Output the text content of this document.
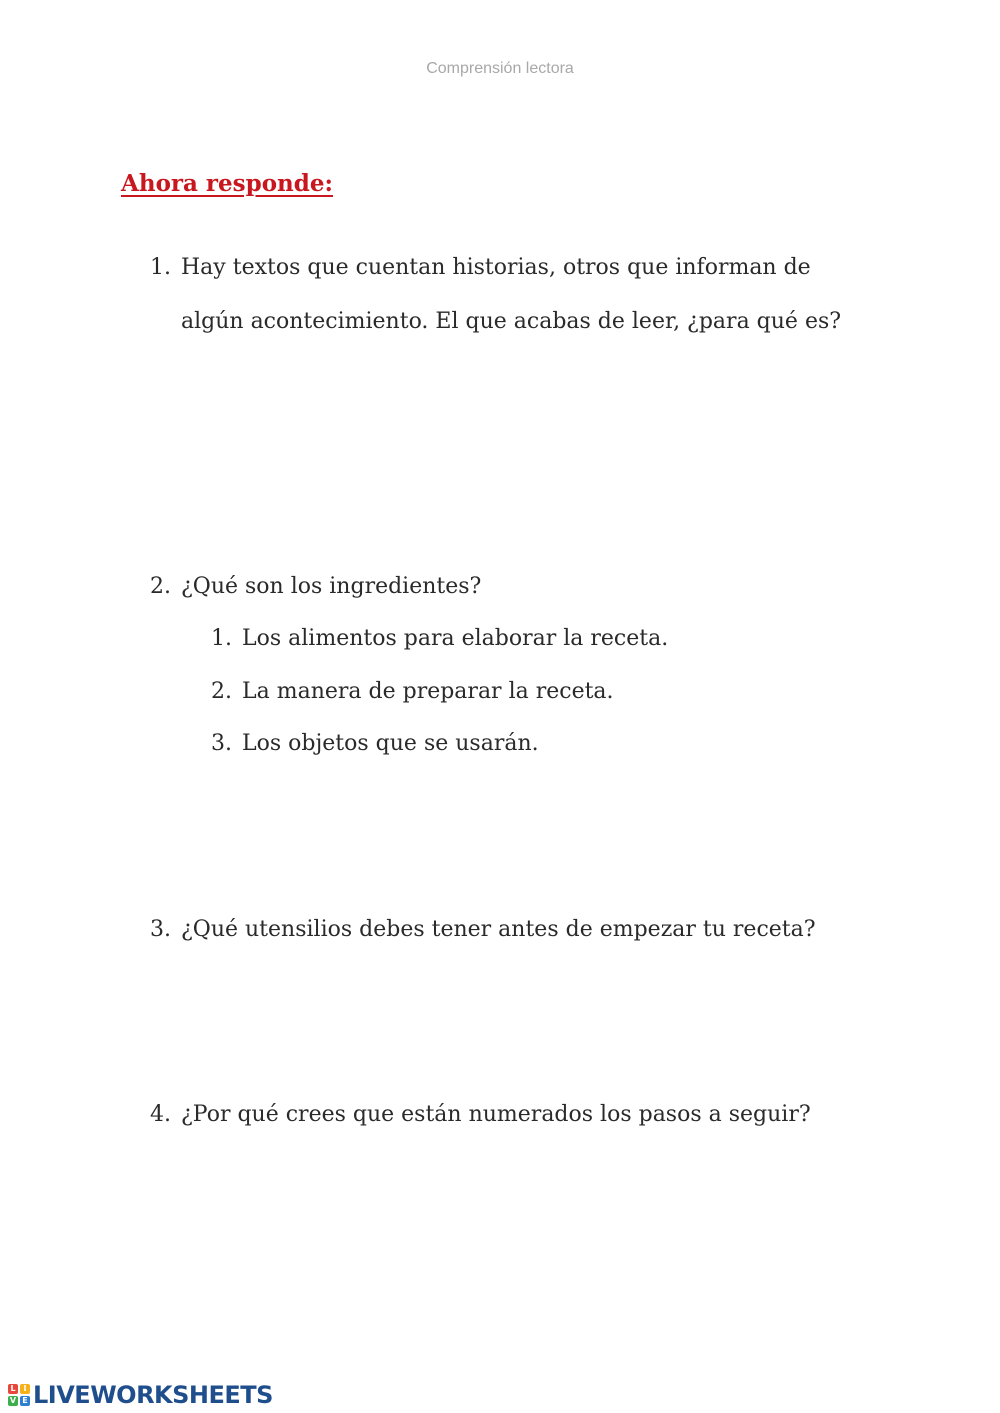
Comprensión lectora
Ahora responde:
1. Hay textos que cuentan historias, otros que informan de
algún acontecimiento. El que acabas de leer, ¿para qué es?
2. ¿Qué son los ingredientes?
1. Los alimentos para elaborar la receta.
2. La manera de preparar la receta.
3. Los objetos que se usarán.
3. ¿Qué utensilios debes tener antes de empezar tu receta?
4. ¿Por qué crees que están numerados los pasos a seguir?
L I
V E LIVEWORKSHEETS
